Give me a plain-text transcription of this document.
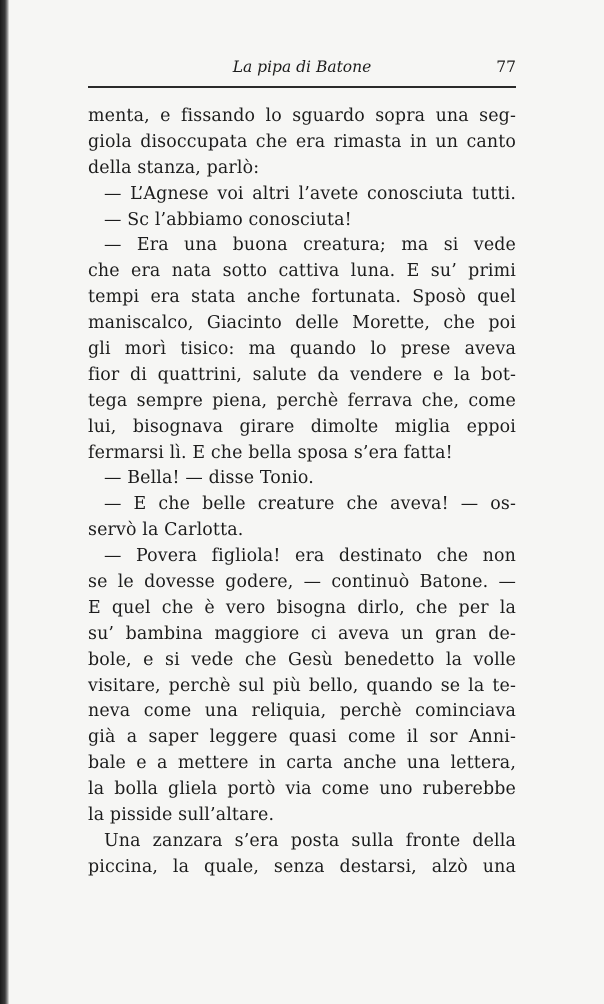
La pipa di Batone	77
menta, e fissando lo sguardo sopra una seg-
giola disoccupata che era rimasta in un canto
della stanza, parlò:
— L’Agnese voi altri l’avete conosciuta tutti.
— Sc l’abbiamo conosciuta!
— Era una buona creatura; ma si vede
che era nata sotto cattiva luna. E su’ primi
tempi era stata anche fortunata. Sposò quel
maniscalco, Giacinto delle Morette, che poi
gli morì tisico: ma quando lo prese aveva
fior di quattrini, salute da vendere e la bot-
tega sempre piena, perchè ferrava che, come
lui, bisognava girare dimolte miglia eppoi
fermarsi lì. E che bella sposa s’era fatta!
— Bella! — disse Tonio.
— E che belle creature che aveva! — os-
servò la Carlotta.
— Povera figliola! era destinato che non
se le dovesse godere, — continuò Batone. —
E quel che è vero bisogna dirlo, che per la
su’ bambina maggiore ci aveva un gran de-
bole, e si vede che Gesù benedetto la volle
visitare, perchè sul più bello, quando se la te-
neva come una reliquia, perchè cominciava
già a saper leggere quasi come il sor Anni-
bale e a mettere in carta anche una lettera,
la bolla gliela portò via come uno ruberebbe
la pisside sull’altare.
Una zanzara s’era posta sulla fronte della
piccina, la quale, senza destarsi, alzò una
